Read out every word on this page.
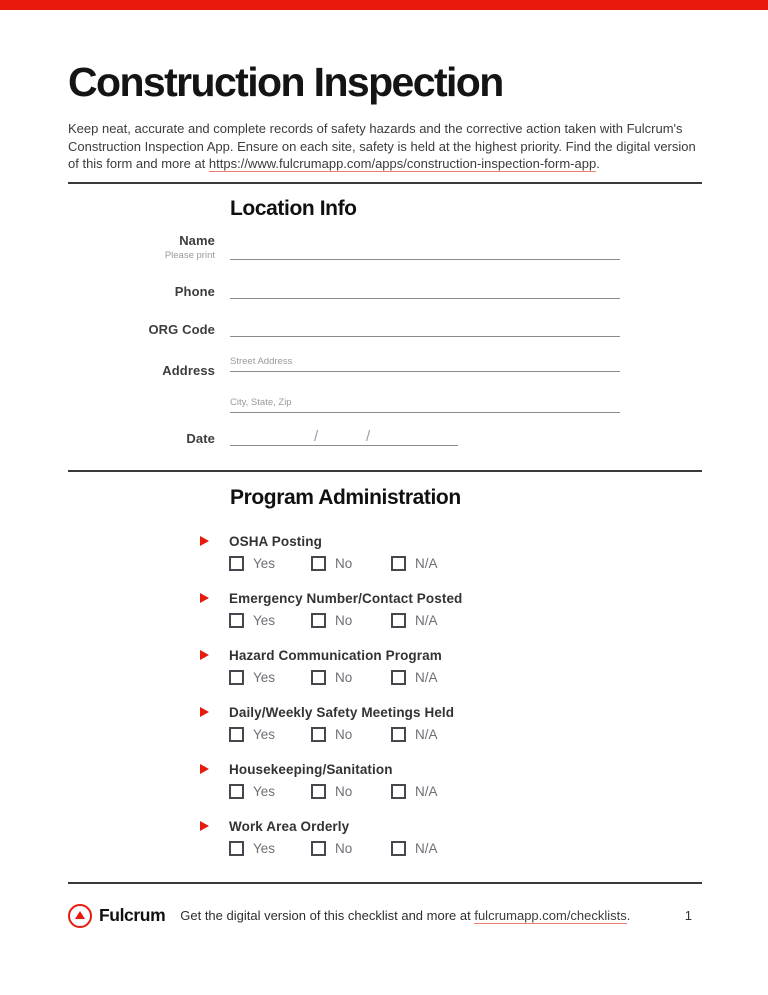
Construction Inspection

Keep neat, accurate and complete records of safety hazards and the corrective action taken with Fulcrum's Construction Inspection App. Ensure on each site, safety is held at the highest priority. Find the digital version of this form and more at https://www.fulcrumapp.com/apps/construction-inspection-form-app.

Location Info
Name
Please print
Phone
ORG Code
Address
Street Address
City, State, Zip
Date	/	/
Program Administration
OSHA Posting
Yes	No	N/A
Emergency Number/Contact Posted
Yes	No	N/A
Hazard Communication Program
Yes	No	N/A
Daily/Weekly Safety Meetings Held
Yes	No	N/A
Housekeeping/Sanitation
Yes	No	N/A
Work Area Orderly
Yes	No	N/A
Fulcrum Get the digital version of this checklist and more at fulcrumapp.com/checklists.	1
